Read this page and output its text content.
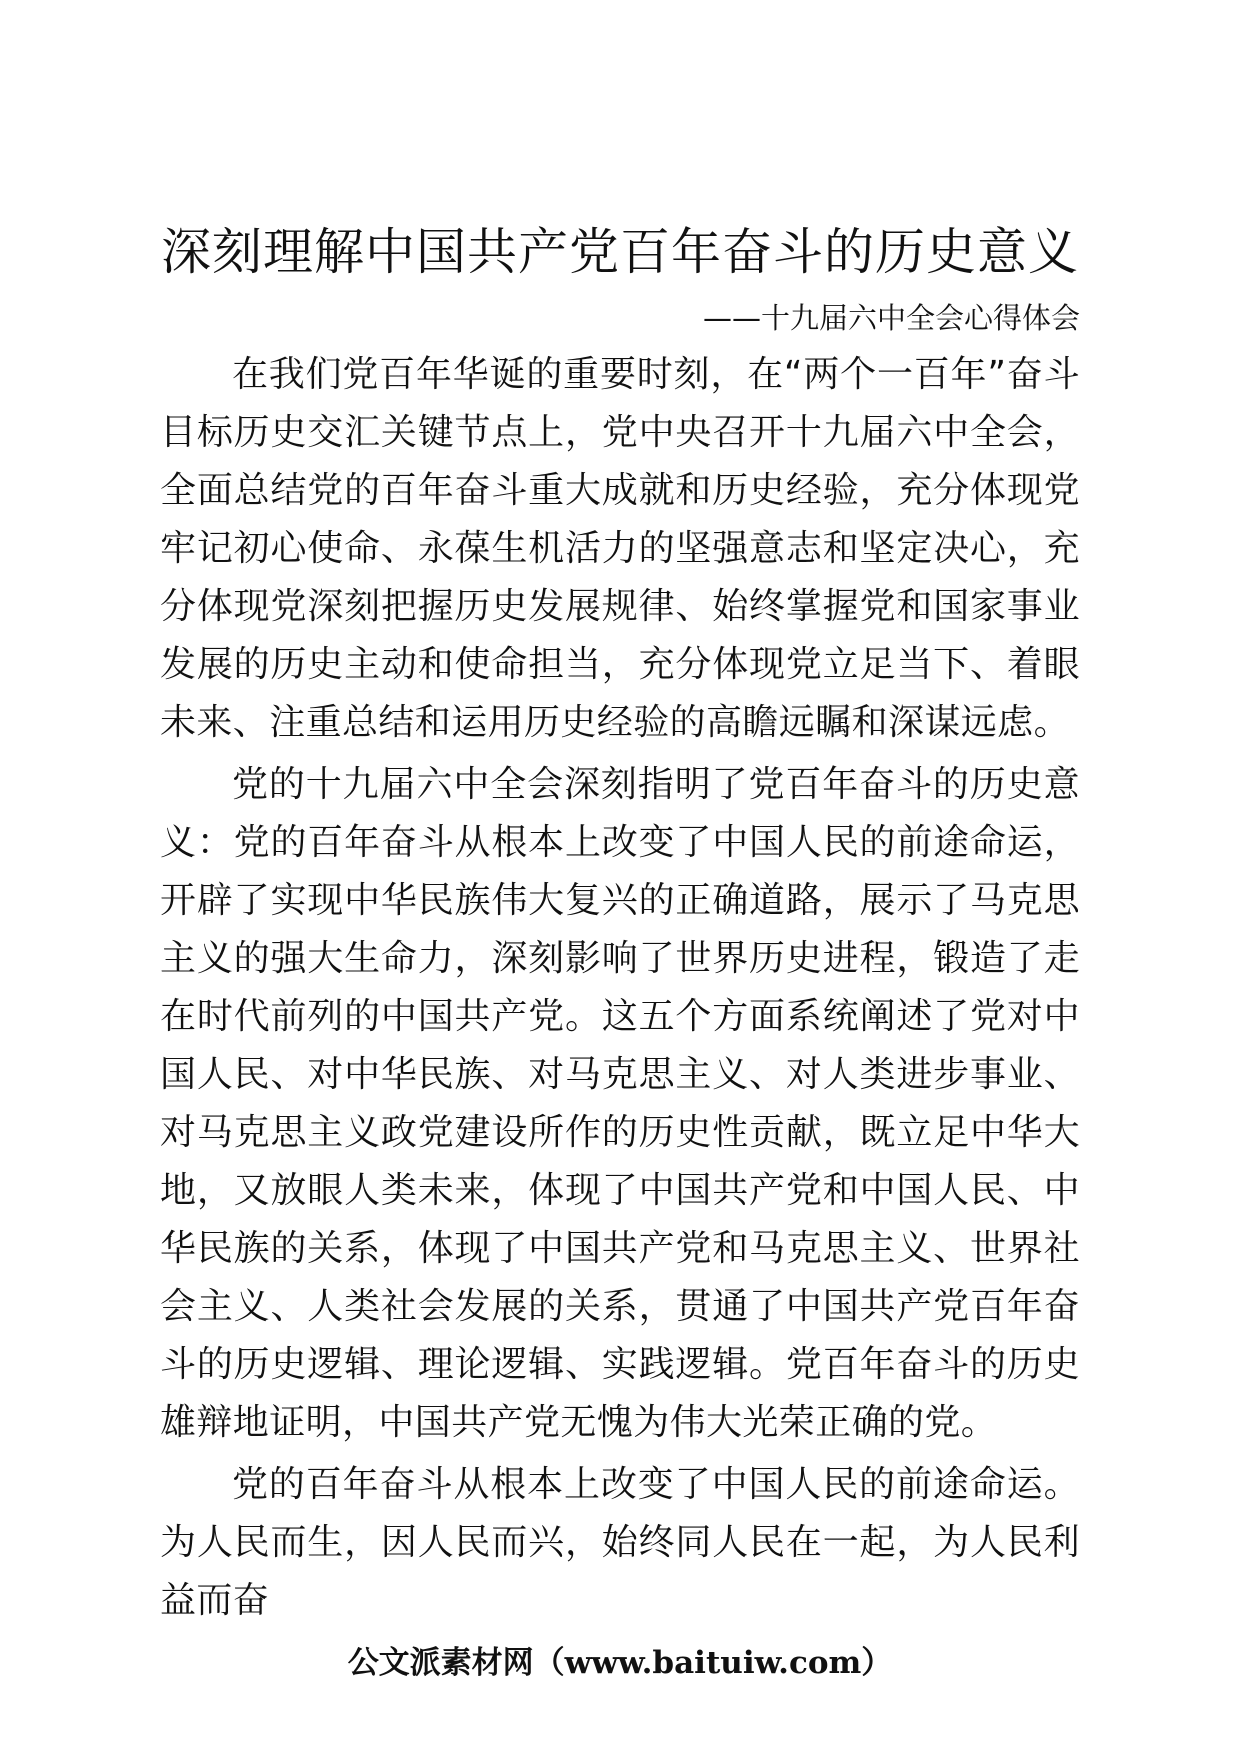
深刻理解中国共产党百年奋斗的历史意义
——十九届六中全会心得体会

在我们党百年华诞的重要时刻，在“两个一百年”奋斗目标历史交汇关键节点上，党中央召开十九届六中全会，全面总结党的百年奋斗重大成就和历史经验，充分体现党牢记初心使命、永葆生机活力的坚强意志和坚定决心，充分体现党深刻把握历史发展规律、始终掌握党和国家事业发展的历史主动和使命担当，充分体现党立足当下、着眼未来、注重总结和运用历史经验的高瞻远瞩和深谋远虑。

党的十九届六中全会深刻指明了党百年奋斗的历史意义：党的百年奋斗从根本上改变了中国人民的前途命运，开辟了实现中华民族伟大复兴的正确道路，展示了马克思主义的强大生命力，深刻影响了世界历史进程，锻造了走在时代前列的中国共产党。这五个方面系统阐述了党对中国人民、对中华民族、对马克思主义、对人类进步事业、对马克思主义政党建设所作的历史性贡献，既立足中华大地，又放眼人类未来，体现了中国共产党和中国人民、中华民族的关系，体现了中国共产党和马克思主义、世界社会主义、人类社会发展的关系，贯通了中国共产党百年奋斗的历史逻辑、理论逻辑、实践逻辑。党百年奋斗的历史雄辩地证明，中国共产党无愧为伟大光荣正确的党。

党的百年奋斗从根本上改变了中国人民的前途命运。为人民而生，因人民而兴，始终同人民在一起，为人民利益而奋

公文派素材网（www.baituiw.com）
